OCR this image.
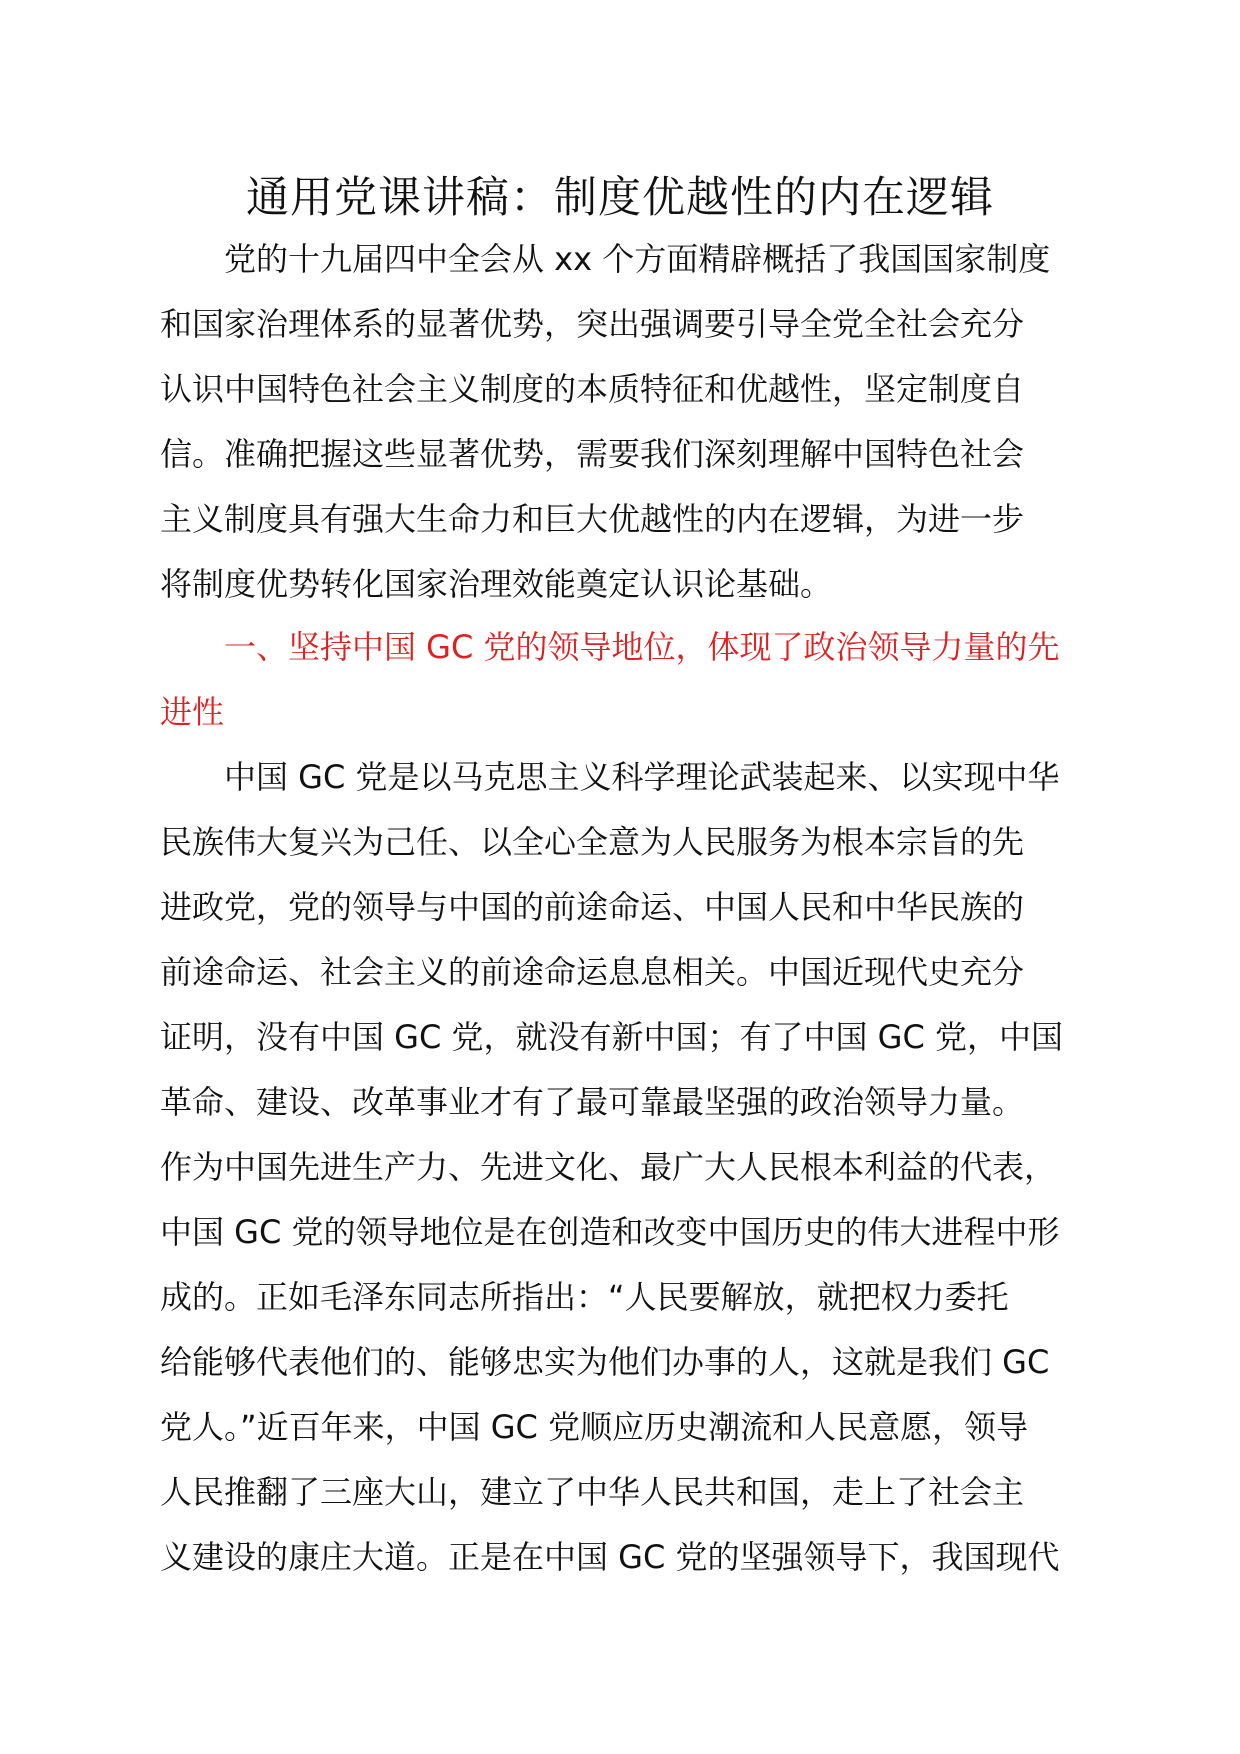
通用党课讲稿：制度优越性的内在逻辑
　　党的十九届四中全会从 xx 个方面精辟概括了我国国家制度
和国家治理体系的显著优势，突出强调要引导全党全社会充分
认识中国特色社会主义制度的本质特征和优越性，坚定制度自
信。准确把握这些显著优势，需要我们深刻理解中国特色社会
主义制度具有强大生命力和巨大优越性的内在逻辑，为进一步
将制度优势转化国家治理效能奠定认识论基础。
　　一、坚持中国 GC 党的领导地位，体现了政治领导力量的先
进性
　　中国 GC 党是以马克思主义科学理论武装起来、以实现中华
民族伟大复兴为己任、以全心全意为人民服务为根本宗旨的先
进政党，党的领导与中国的前途命运、中国人民和中华民族的
前途命运、社会主义的前途命运息息相关。中国近现代史充分
证明，没有中国 GC 党，就没有新中国；有了中国 GC 党，中国
革命、建设、改革事业才有了最可靠最坚强的政治领导力量。
作为中国先进生产力、先进文化、最广大人民根本利益的代表，
中国 GC 党的领导地位是在创造和改变中国历史的伟大进程中形
成的。正如毛泽东同志所指出：“人民要解放，就把权力委托
给能够代表他们的、能够忠实为他们办事的人，这就是我们 GC
党人。”近百年来，中国 GC 党顺应历史潮流和人民意愿，领导
人民推翻了三座大山，建立了中华人民共和国，走上了社会主
义建设的康庄大道。正是在中国 GC 党的坚强领导下，我国现代
